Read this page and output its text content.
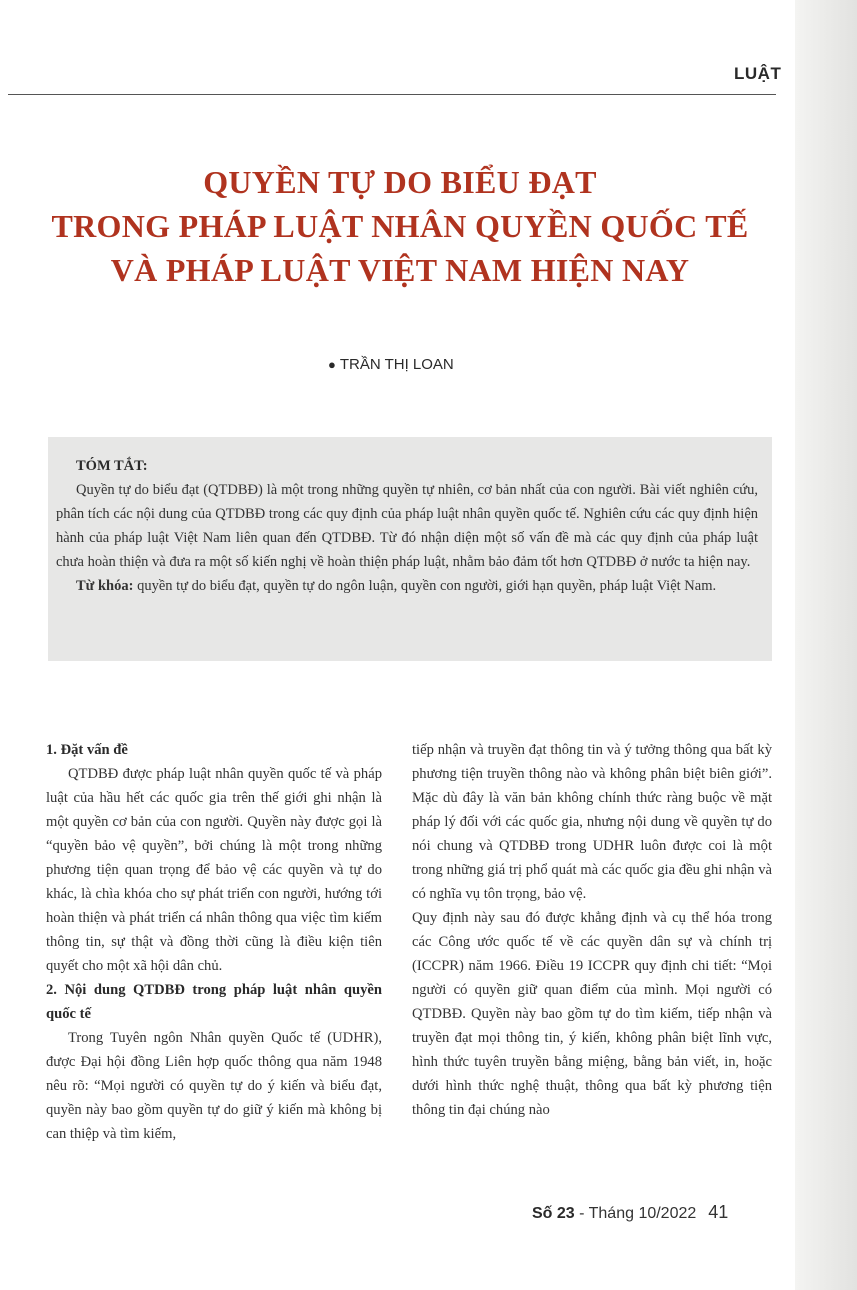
LUẬT
QUYỀN TỰ DO BIỂU ĐẠT
TRONG PHÁP LUẬT NHÂN QUYỀN QUỐC TẾ
VÀ PHÁP LUẬT VIỆT NAM HIỆN NAY
● TRẦN THỊ LOAN
TÓM TẮT:

Quyền tự do biểu đạt (QTDBĐ) là một trong những quyền tự nhiên, cơ bản nhất của con người. Bài viết nghiên cứu, phân tích các nội dung của QTDBĐ trong các quy định của pháp luật nhân quyền quốc tế. Nghiên cứu các quy định hiện hành của pháp luật Việt Nam liên quan đến QTDBĐ. Từ đó nhận diện một số vấn đề mà các quy định của pháp luật chưa hoàn thiện và đưa ra một số kiến nghị về hoàn thiện pháp luật, nhằm bảo đảm tốt hơn QTDBĐ ở nước ta hiện nay.

Từ khóa: quyền tự do biểu đạt, quyền tự do ngôn luận, quyền con người, giới hạn quyền, pháp luật Việt Nam.

1. Đặt vấn đề

QTDBĐ được pháp luật nhân quyền quốc tế và pháp luật của hầu hết các quốc gia trên thế giới ghi nhận là một quyền cơ bản của con người. Quyền này được gọi là “quyền bảo vệ quyền”, bởi chúng là một trong những phương tiện quan trọng để bảo vệ các quyền và tự do khác, là chìa khóa cho sự phát triển con người, hướng tới hoàn thiện và phát triển cá nhân thông qua việc tìm kiếm thông tin, sự thật và đồng thời cũng là điều kiện tiên quyết cho một xã hội dân chủ.

2. Nội dung QTDBĐ trong pháp luật nhân quyền quốc tế

Trong Tuyên ngôn Nhân quyền Quốc tế (UDHR), được Đại hội đồng Liên hợp quốc thông qua năm 1948 nêu rõ: “Mọi người có quyền tự do ý kiến và biểu đạt, quyền này bao gồm quyền tự do giữ ý kiến mà không bị can thiệp và tìm kiếm,

tiếp nhận và truyền đạt thông tin và ý tưởng thông qua bất kỳ phương tiện truyền thông nào và không phân biệt biên giới”. Mặc dù đây là văn bản không chính thức ràng buộc về mặt pháp lý đối với các quốc gia, nhưng nội dung về quyền tự do nói chung và QTDBĐ trong UDHR luôn được coi là một trong những giá trị phổ quát mà các quốc gia đều ghi nhận và có nghĩa vụ tôn trọng, bảo vệ.

Quy định này sau đó được khẳng định và cụ thể hóa trong các Công ước quốc tế về các quyền dân sự và chính trị (ICCPR) năm 1966. Điều 19 ICCPR quy định chi tiết: “Mọi người có quyền giữ quan điểm của mình. Mọi người có QTDBĐ. Quyền này bao gồm tự do tìm kiếm, tiếp nhận và truyền đạt mọi thông tin, ý kiến, không phân biệt lĩnh vực, hình thức tuyên truyền bằng miệng, bằng bản viết, in, hoặc dưới hình thức nghệ thuật, thông qua bất kỳ phương tiện thông tin đại chúng nào

Số 23 - Tháng 10/2022 41
